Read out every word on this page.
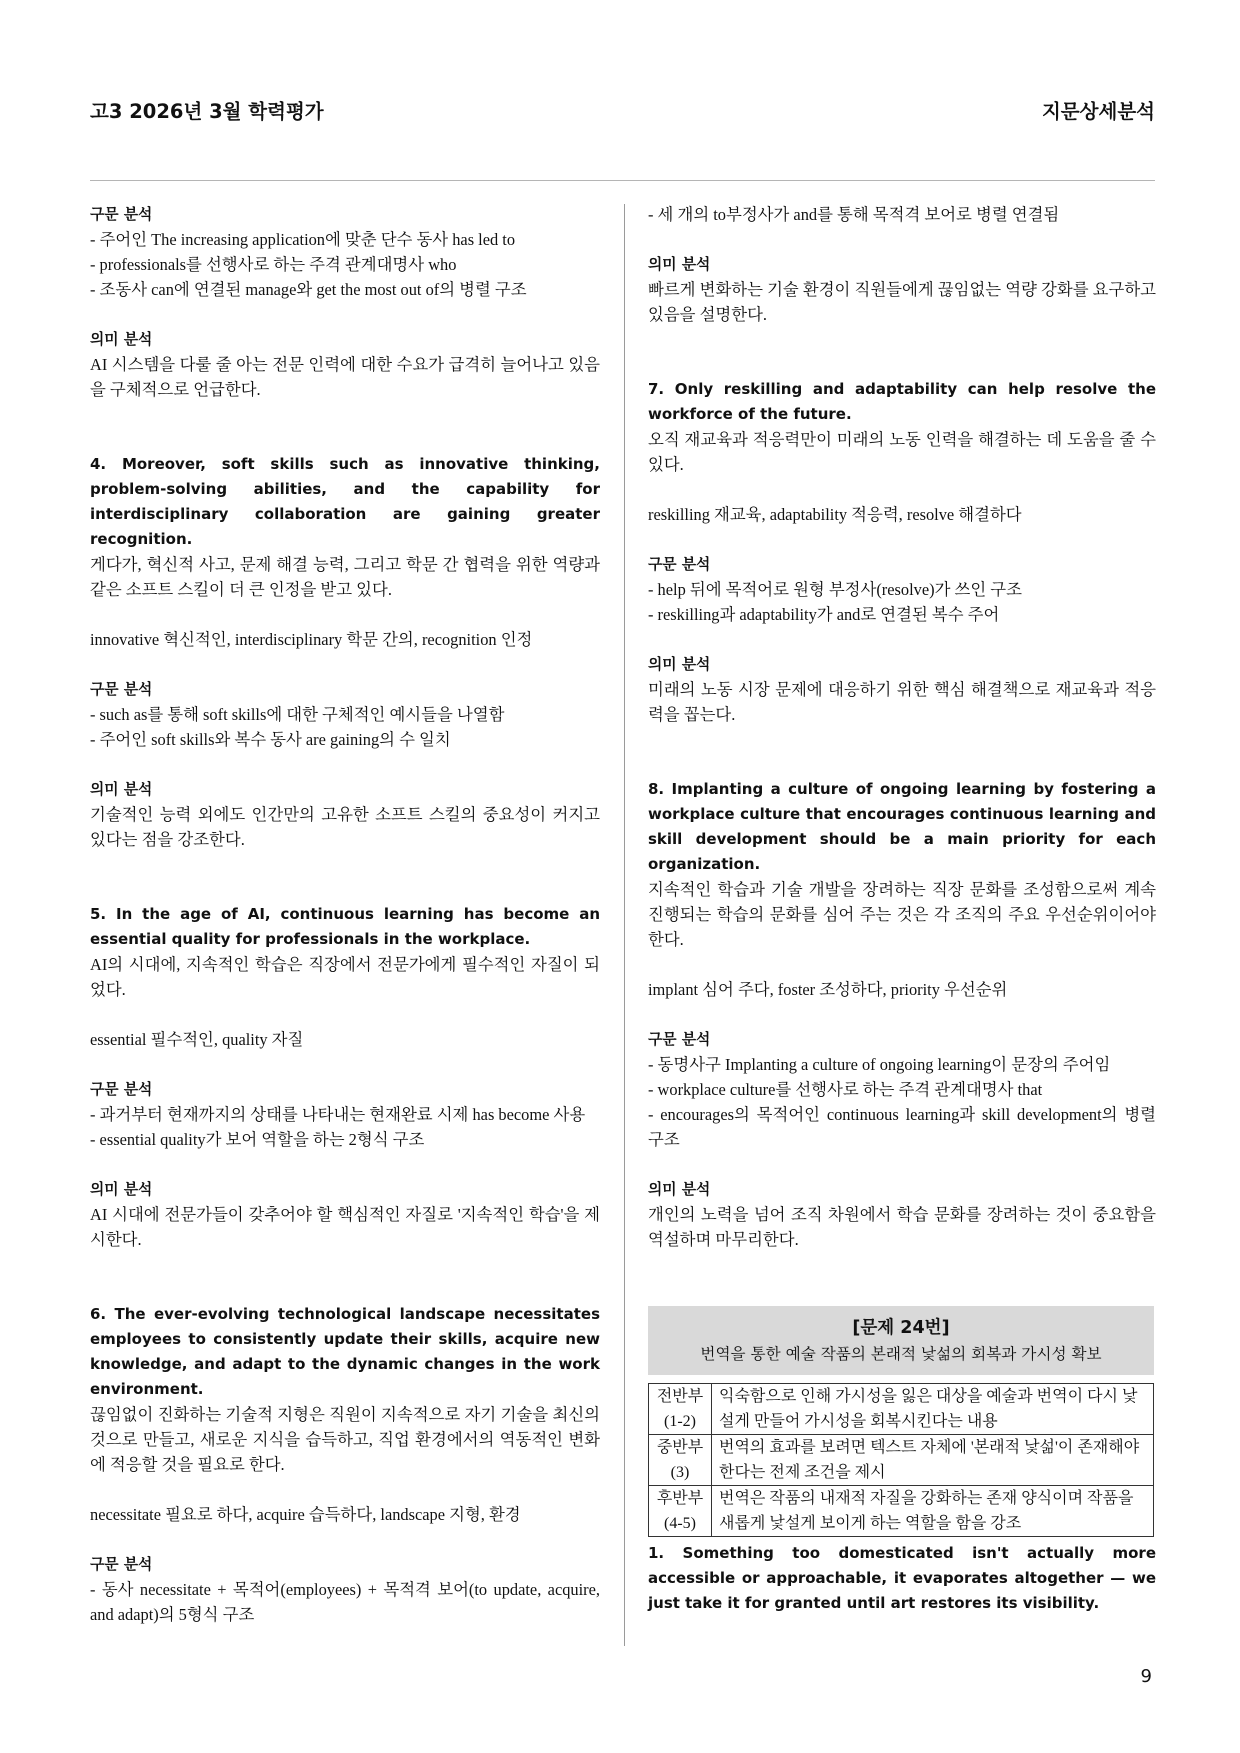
고3 2026년 3월 학력평가	지문상세분석
구문 분석
- 주어인 The increasing application에 맞춘 단수 동사 has led to
- professionals를 선행사로 하는 주격 관계대명사 who
- 조동사 can에 연결된 manage와 get the most out of의 병렬 구조
의미 분석
AI 시스템을 다룰 줄 아는 전문 인력에 대한 수요가 급격히 늘어나고 있음을 구체적으로 언급한다.
4. Moreover, soft skills such as innovative thinking, problem-solving abilities, and the capability for interdisciplinary collaboration are gaining greater recognition.
게다가, 혁신적 사고, 문제 해결 능력, 그리고 학문 간 협력을 위한 역량과 같은 소프트 스킬이 더 큰 인정을 받고 있다.
innovative 혁신적인, interdisciplinary 학문 간의, recognition 인정
구문 분석
- such as를 통해 soft skills에 대한 구체적인 예시들을 나열함
- 주어인 soft skills와 복수 동사 are gaining의 수 일치
의미 분석
기술적인 능력 외에도 인간만의 고유한 소프트 스킬의 중요성이 커지고 있다는 점을 강조한다.
5. In the age of AI, continuous learning has become an essential quality for professionals in the workplace.
AI의 시대에, 지속적인 학습은 직장에서 전문가에게 필수적인 자질이 되었다.
essential 필수적인, quality 자질
구문 분석
- 과거부터 현재까지의 상태를 나타내는 현재완료 시제 has become 사용
- essential quality가 보어 역할을 하는 2형식 구조
의미 분석
AI 시대에 전문가들이 갖추어야 할 핵심적인 자질로 '지속적인 학습'을 제시한다.
6. The ever-evolving technological landscape necessitates employees to consistently update their skills, acquire new knowledge, and adapt to the dynamic changes in the work environment.
끊임없이 진화하는 기술적 지형은 직원이 지속적으로 자기 기술을 최신의 것으로 만들고, 새로운 지식을 습득하고, 직업 환경에서의 역동적인 변화에 적응할 것을 필요로 한다.
necessitate 필요로 하다, acquire 습득하다, landscape 지형, 환경
구문 분석
- 동사 necessitate + 목적어(employees) + 목적격 보어(to update, acquire, and adapt)의 5형식 구조
- 세 개의 to부정사가 and를 통해 목적격 보어로 병렬 연결됨
의미 분석
빠르게 변화하는 기술 환경이 직원들에게 끊임없는 역량 강화를 요구하고 있음을 설명한다.
7. Only reskilling and adaptability can help resolve the workforce of the future.
오직 재교육과 적응력만이 미래의 노동 인력을 해결하는 데 도움을 줄 수 있다.
reskilling 재교육, adaptability 적응력, resolve 해결하다
구문 분석
- help 뒤에 목적어로 원형 부정사(resolve)가 쓰인 구조
- reskilling과 adaptability가 and로 연결된 복수 주어
의미 분석
미래의 노동 시장 문제에 대응하기 위한 핵심 해결책으로 재교육과 적응력을 꼽는다.
8. Implanting a culture of ongoing learning by fostering a workplace culture that encourages continuous learning and skill development should be a main priority for each organization.
지속적인 학습과 기술 개발을 장려하는 직장 문화를 조성함으로써 계속 진행되는 학습의 문화를 심어 주는 것은 각 조직의 주요 우선순위이어야 한다.
implant 심어 주다, foster 조성하다, priority 우선순위
구문 분석
- 동명사구 Implanting a culture of ongoing learning이 문장의 주어임
- workplace culture를 선행사로 하는 주격 관계대명사 that
- encourages의 목적어인 continuous learning과 skill development의 병렬 구조
의미 분석
개인의 노력을 넘어 조직 차원에서 학습 문화를 장려하는 것이 중요함을 역설하며 마무리한다.
[문제 24번]
번역을 통한 예술 작품의 본래적 낯섦의 회복과 가시성 확보
전반부
(1-2)	익숙함으로 인해 가시성을 잃은 대상을 예술과 번역이 다시 낯설게 만들어 가시성을 회복시킨다는 내용

중반부
(3)	번역의 효과를 보려면 텍스트 자체에 '본래적 낯섦'이 존재해야 한다는 전제 조건을 제시

후반부
(4-5)	번역은 작품의 내재적 자질을 강화하는 존재 양식이며 작품을 새롭게 낯설게 보이게 하는 역할을 함을 강조
1. Something too domesticated isn't actually more accessible or approachable, it evaporates altogether — we just take it for granted until art restores its visibility.
9
